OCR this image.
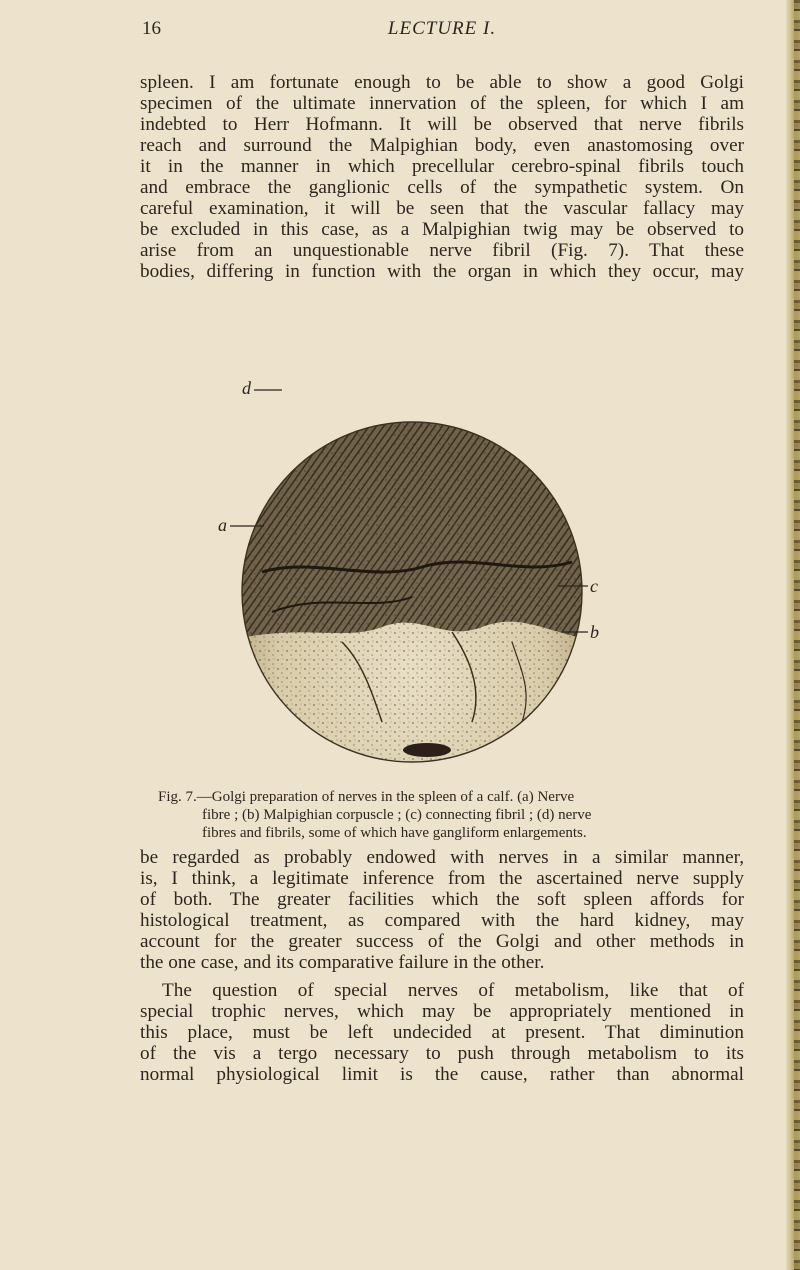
16	LECTURE I.

spleen. I am fortunate enough to be able to show a good Golgi
specimen of the ultimate innervation of the spleen, for which I am
indebted to Herr Hofmann. It will be observed that nerve fibrils
reach and surround the Malpighian body, even anastomosing over
it in the manner in which precellular cerebro-spinal fibrils touch
and embrace the ganglionic cells of the sympathetic system. On
careful examination, it will be seen that the vascular fallacy may
be excluded in this case, as a Malpighian twig may be observed to
arise from an unquestionable nerve fibril (Fig. 7). That these
bodies, differing in function with the organ in which they occur, may

d
a
c
b

Fig. 7.—Golgi preparation of nerves in the spleen of a calf. (a) Nerve
fibre ; (b) Malpighian corpuscle ; (c) connecting fibril ; (d) nerve
fibres and fibrils, some of which have gangliform enlargements.

be regarded as probably endowed with nerves in a similar manner,
is, I think, a legitimate inference from the ascertained nerve supply
of both. The greater facilities which the soft spleen affords for
histological treatment, as compared with the hard kidney, may
account for the greater success of the Golgi and other methods in
the one case, and its comparative failure in the other.

The question of special nerves of metabolism, like that of
special trophic nerves, which may be appropriately mentioned in
this place, must be left undecided at present. That diminution
of the vis a tergo necessary to push through metabolism to its
normal physiological limit is the cause, rather than abnormal
